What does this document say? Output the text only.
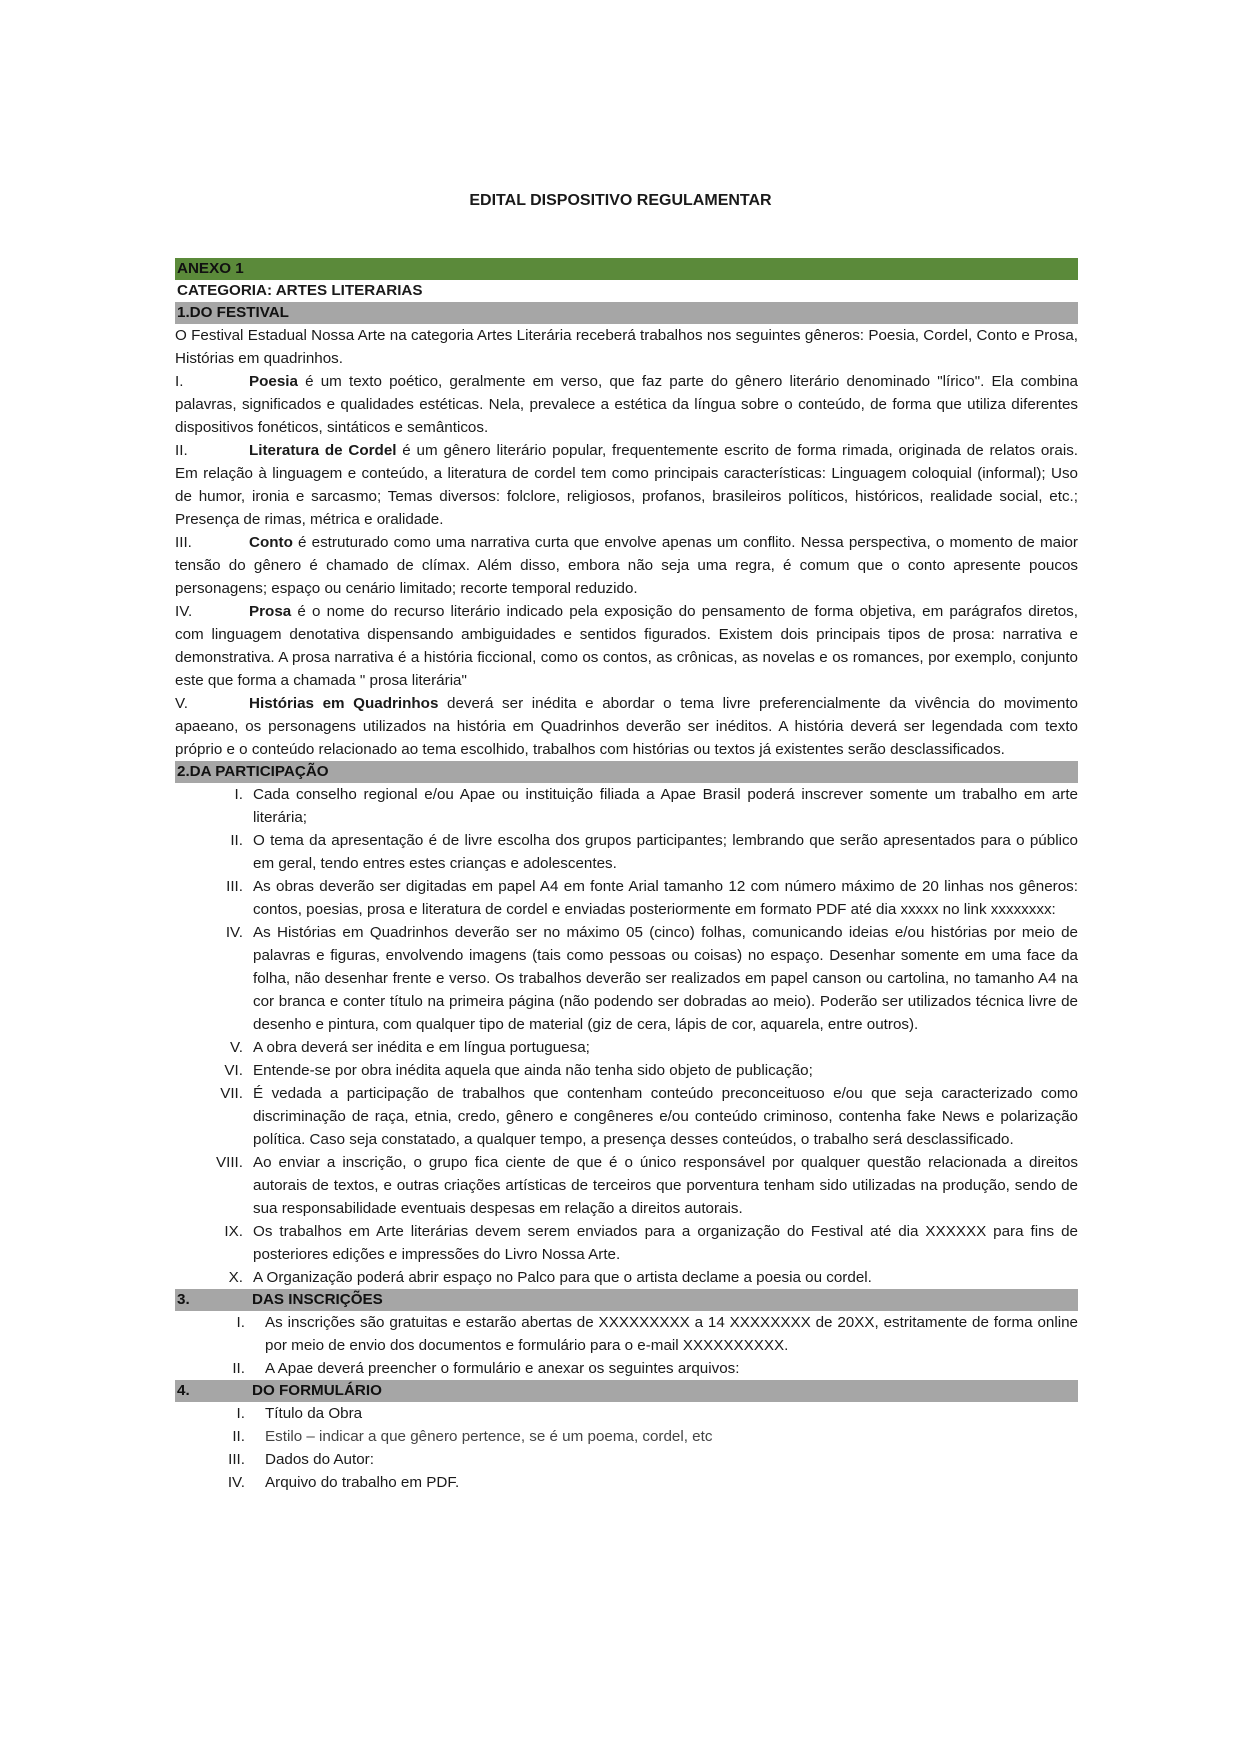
EDITAL DISPOSITIVO REGULAMENTAR
ANEXO 1
CATEGORIA: ARTES LITERARIAS
1.DO FESTIVAL

O Festival Estadual Nossa Arte na categoria Artes Literária receberá trabalhos nos seguintes gêneros: Poesia, Cordel, Conto e Prosa, Histórias em quadrinhos.

I.	Poesia é um texto poético, geralmente em verso, que faz parte do gênero literário denominado "lírico". Ela combina palavras, significados e qualidades estéticas. Nela, prevalece a estética da língua sobre o conteúdo, de forma que utiliza diferentes dispositivos fonéticos, sintáticos e semânticos.

II.	Literatura de Cordel é um gênero literário popular, frequentemente escrito de forma rimada, originada de relatos orais. Em relação à linguagem e conteúdo, a literatura de cordel tem como principais características: Linguagem coloquial (informal); Uso de humor, ironia e sarcasmo; Temas diversos: folclore, religiosos, profanos, brasileiros políticos, históricos, realidade social, etc.; Presença de rimas, métrica e oralidade.

III.	Conto é estruturado como uma narrativa curta que envolve apenas um conflito. Nessa perspectiva, o momento de maior tensão do gênero é chamado de clímax. Além disso, embora não seja uma regra, é comum que o conto apresente poucos personagens; espaço ou cenário limitado; recorte temporal reduzido.

IV.	Prosa é o nome do recurso literário indicado pela exposição do pensamento de forma objetiva, em parágrafos diretos, com linguagem denotativa dispensando ambiguidades e sentidos figurados. Existem dois principais tipos de prosa: narrativa e demonstrativa. A prosa narrativa é a história ficcional, como os contos, as crônicas, as novelas e os romances, por exemplo, conjunto este que forma a chamada " prosa literária"

V.	Histórias em Quadrinhos deverá ser inédita e abordar o tema livre preferencialmente da vivência do movimento apaeano, os personagens utilizados na história em Quadrinhos deverão ser inéditos. A história deverá ser legendada com texto próprio e o conteúdo relacionado ao tema escolhido, trabalhos com histórias ou textos já existentes serão desclassificados.

2.DA PARTICIPAÇÃO
I. Cada conselho regional e/ou Apae ou instituição filiada a Apae Brasil poderá inscrever somente um trabalho em arte literária;
II. O tema da apresentação é de livre escolha dos grupos participantes; lembrando que serão apresentados para o público em geral, tendo entres estes crianças e adolescentes.
III. As obras deverão ser digitadas em papel A4 em fonte Arial tamanho 12 com número máximo de 20 linhas nos gêneros: contos, poesias, prosa e literatura de cordel e enviadas posteriormente em formato PDF até dia xxxxx no link xxxxxxxx:
IV. As Histórias em Quadrinhos deverão ser no máximo 05 (cinco) folhas, comunicando ideias e/ou histórias por meio de palavras e figuras, envolvendo imagens (tais como pessoas ou coisas) no espaço. Desenhar somente em uma face da folha, não desenhar frente e verso. Os trabalhos deverão ser realizados em papel canson ou cartolina, no tamanho A4 na cor branca e conter título na primeira página (não podendo ser dobradas ao meio). Poderão ser utilizados técnica livre de desenho e pintura, com qualquer tipo de material (giz de cera, lápis de cor, aquarela, entre outros).
V. A obra deverá ser inédita e em língua portuguesa;
VI. Entende-se por obra inédita aquela que ainda não tenha sido objeto de publicação;
VII. É vedada a participação de trabalhos que contenham conteúdo preconceituoso e/ou que seja caracterizado como discriminação de raça, etnia, credo, gênero e congêneres e/ou conteúdo criminoso, contenha fake News e polarização política. Caso seja constatado, a qualquer tempo, a presença desses conteúdos, o trabalho será desclassificado.
VIII. Ao enviar a inscrição, o grupo fica ciente de que é o único responsável por qualquer questão relacionada a direitos autorais de textos, e outras criações artísticas de terceiros que porventura tenham sido utilizadas na produção, sendo de sua responsabilidade eventuais despesas em relação a direitos autorais.
IX. Os trabalhos em Arte literárias devem serem enviados para a organização do Festival até dia XXXXXX para fins de posteriores edições e impressões do Livro Nossa Arte.
X. A Organização poderá abrir espaço no Palco para que o artista declame a poesia ou cordel.
3.	DAS INSCRIÇÕES
I.	As inscrições são gratuitas e estarão abertas de XXXXXXXXX a 14 XXXXXXXX de 20XX, estritamente de forma online por meio de envio dos documentos e formulário para o e-mail XXXXXXXXXX.
II.	A Apae deverá preencher o formulário e anexar os seguintes arquivos:
4.	DO FORMULÁRIO
I.	Título da Obra
II.	Estilo – indicar a que gênero pertence, se é um poema, cordel, etc
III.	Dados do Autor:
IV.	Arquivo do trabalho em PDF.
